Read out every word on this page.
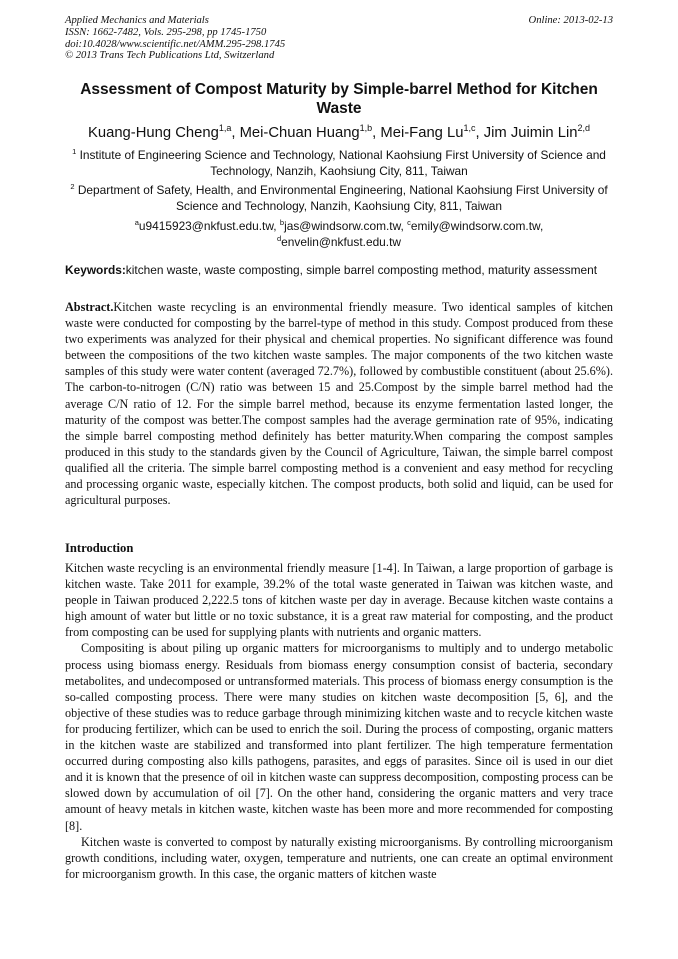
Applied Mechanics and Materials
ISSN: 1662-7482, Vols. 295-298, pp 1745-1750
doi:10.4028/www.scientific.net/AMM.295-298.1745
© 2013 Trans Tech Publications Ltd, Switzerland
Online: 2013-02-13
Assessment of Compost Maturity by Simple-barrel Method for Kitchen Waste
Kuang-Hung Cheng$^{1,a}$, Mei-Chuan Huang$^{1,b}$, Mei-Fang Lu$^{1,c}$, Jim Juimin Lin$^{2,d}$
$^1$ Institute of Engineering Science and Technology, National Kaohsiung First University of Science and Technology, Nanzih, Kaohsiung City, 811, Taiwan
$^2$ Department of Safety, Health, and Environmental Engineering, National Kaohsiung First University of Science and Technology, Nanzih, Kaohsiung City, 811, Taiwan
$^a$u9415923@nkfust.edu.tw, $^b$jas@windsorw.com.tw, $^c$emily@windsorw.com.tw,
$^d$envelin@nkfust.edu.tw
Keywords:kitchen waste, waste composting, simple barrel composting method, maturity assessment
Abstract.Kitchen waste recycling is an environmental friendly measure. Two identical samples of kitchen waste were conducted for composting by the barrel-type of method in this study. Compost produced from these two experiments was analyzed for their physical and chemical properties. No significant difference was found between the compositions of the two kitchen waste samples. The major components of the two kitchen waste samples of this study were water content (averaged 72.7%), followed by combustible constituent (about 25.6%). The carbon-to-nitrogen (C/N) ratio was between 15 and 25.Compost by the simple barrel method had the average C/N ratio of 12. For the simple barrel method, because its enzyme fermentation lasted longer, the maturity of the compost was better.The compost samples had the average germination rate of 95%, indicating the simple barrel composting method definitely has better maturity.When comparing the compost samples produced in this study to the standards given by the Council of Agriculture, Taiwan, the simple barrel compost qualified all the criteria. The simple barrel composting method is a convenient and easy method for recycling and processing organic waste, especially kitchen. The compost products, both solid and liquid, can be used for agricultural purposes.
Introduction

Kitchen waste recycling is an environmental friendly measure [1-4]. In Taiwan, a large proportion of garbage is kitchen waste. Take 2011 for example, 39.2% of the total waste generated in Taiwan was kitchen waste, and people in Taiwan produced 2,222.5 tons of kitchen waste per day in average. Because kitchen waste contains a high amount of water but little or no toxic substance, it is a great raw material for composting, and the product from composting can be used for supplying plants with nutrients and organic matters.

Compositing is about piling up organic matters for microorganisms to multiply and to undergo metabolic process using biomass energy. Residuals from biomass energy consumption consist of bacteria, secondary metabolites, and undecomposed or untransformed materials. This process of biomass energy consumption is the so-called composting process. There were many studies on kitchen waste decomposition [5, 6], and the objective of these studies was to reduce garbage through minimizing kitchen waste and to recycle kitchen waste for producing fertilizer, which can be used to enrich the soil. During the process of composting, organic matters in the kitchen waste are stabilized and transformed into plant fertilizer. The high temperature fermentation occurred during composting also kills pathogens, parasites, and eggs of parasites. Since oil is used in our diet and it is known that the presence of oil in kitchen waste can suppress decomposition, composting process can be slowed down by accumulation of oil [7]. On the other hand, considering the organic matters and very trace amount of heavy metals in kitchen waste, kitchen waste has been more and more recommended for composting [8].

Kitchen waste is converted to compost by naturally existing microorganisms. By controlling microorganism growth conditions, including water, oxygen, temperature and nutrients, one can create an optimal environment for microorganism growth. In this case, the organic matters of kitchen waste
